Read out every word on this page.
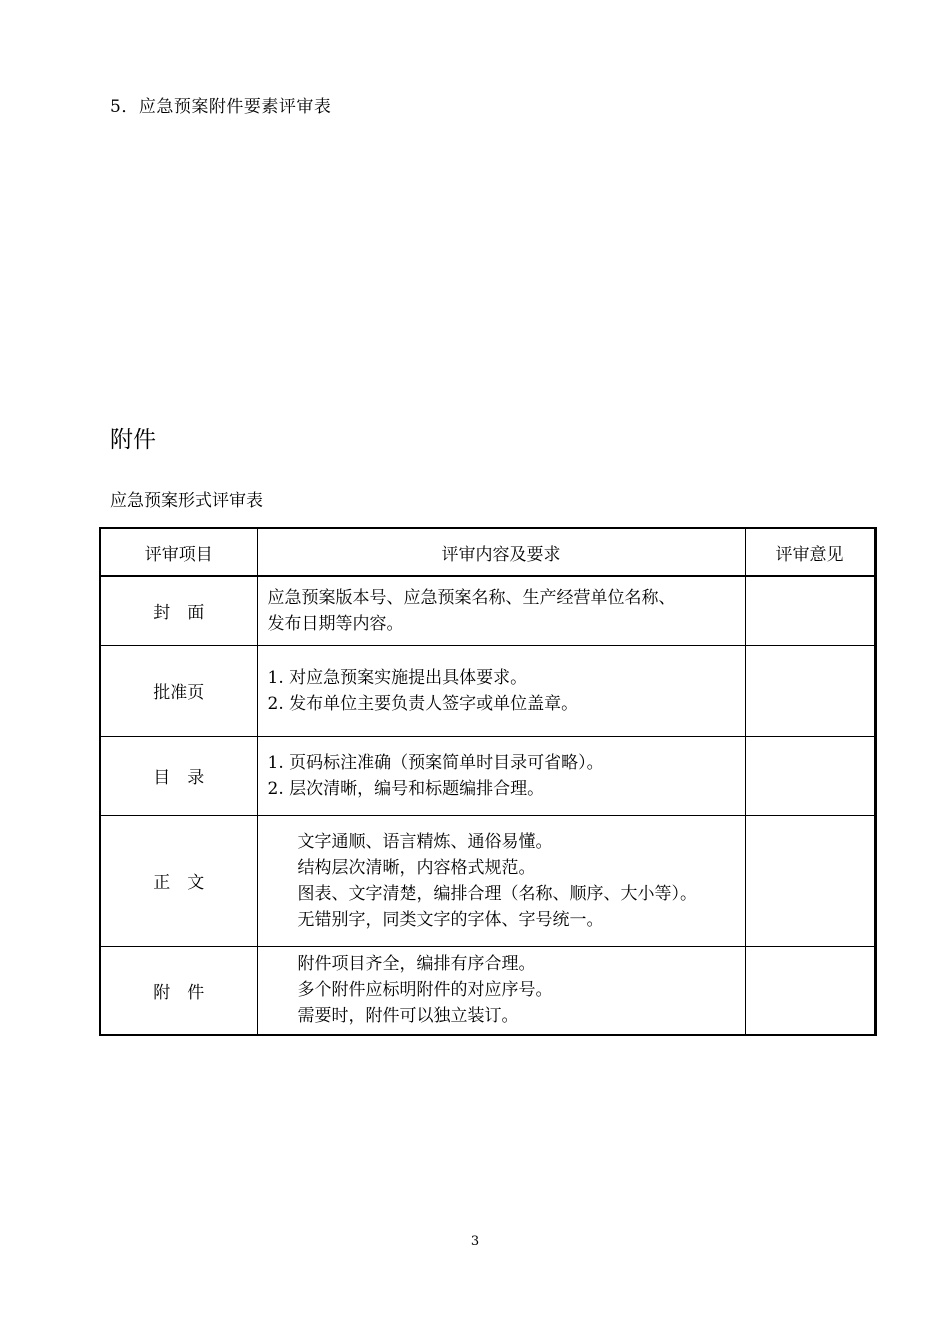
5．应急预案附件要素评审表
附件
应急预案形式评审表
评审项目	评审内容及要求	评审意见
封　面	应急预案版本号、应急预案名称、生产经营单位名称、
发布日期等内容。	

批准页	1. 对应急预案实施提出具体要求。
2. 发布单位主要负责人签字或单位盖章。	

目　录	1. 页码标注准确（预案简单时目录可省略）。
2. 层次清晰，编号和标题编排合理。	

正　文	文字通顺、语言精炼、通俗易懂。
结构层次清晰，内容格式规范。
图表、文字清楚，编排合理（名称、顺序、大小等）。
无错别字，同类文字的字体、字号统一。	

附　件	附件项目齐全，编排有序合理。
多个附件应标明附件的对应序号。
需要时，附件可以独立装订。	

3
